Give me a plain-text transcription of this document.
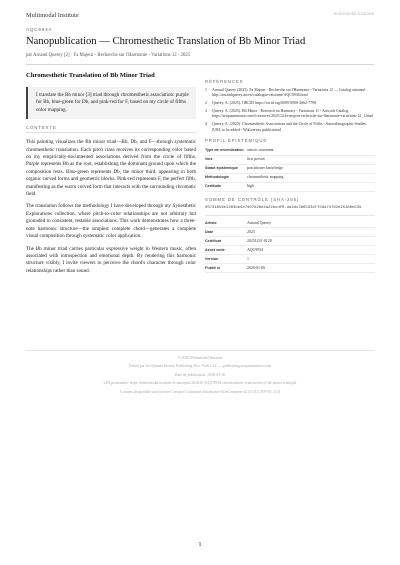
Multimodal Institute	multimodal.institute
AQC9934
Nanopublication — Chromesthetic Translation of Bb Minor Triad
par Arnaud Querey [2] · Fa Majeur - Recherche sur l'Harmonie - Variations 12 · 2025
Chromesthetic Translation of Bb Minor Triad
I translate the Bb minor [3] triad through chromesthetic association: purple for Bb, blue-green for Db, and pink-red for F, based on my circle of fifths color mapping.
CONTEXTE

This painting visualizes the Bb minor triad—Bb, Db, and F—through systematic chromesthetic translation. Each pitch class receives its corresponding color based on my empirically-documented associations derived from the circle of fifths. Purple represents Bb as the root, establishing the dominant ground upon which the composition rests. Blue-green represents Db, the minor third, appearing in both organic curved forms and geometric blocks. Pink-red represents F, the perfect fifth, manifesting as the warm curved form that interacts with the surrounding chromatic field.

The translation follows the methodology I have developed through my Synesthetic Explorations collection, where pitch-to-color relationships are not arbitrary but grounded in consistent, testable associations. This work demonstrates how a three-note harmonic structure—the simplest complete chord—generates a complete visual composition through systematic color application.

The Bb minor triad carries particular expressive weight in Western music, often associated with introspection and emotional depth. By rendering this harmonic structure visibly, I invite viewers to perceive the chord's character through color relationships rather than sound.

RÉFÉRENCES
1	Arnaud Querey (2025). Fa Majeur - Recherche sur l'Harmonie - Variations 12 — Catalog raisonné. http://arnaudquerey.art/en/catalogue-raisonne/AQC9934.html
2	Querey, A. (2025). ORCID https://orcid.org/0009-0000-2662-7790
3	Querey, A. (2025). Bb Minor - Research on Harmony - Variations 11 - Artwork Catalog. https://artquantumsea.com/fr/oeuvres/2025/12/fa-majeur-recherche-sur-lharmonie-variations-12_1.html
4	Querey, A. (2025). Chromesthetic Associations and the Circle of Fifths - Autoethnographic Studies. [URL to be added - Wikiversity publication]
PROFIL ÉPISTÉMIQUE
Type de revendication	artistic statement
Voix	first person
Statut épistémique	practitioner knowledge
Méthodologie	chromesthetic mapping
Certitude	high
SOMME DE CONTRÔLE (SHA-256)
05731856e1283bb4e7407e28e4a22bcdf0-da3dc3865334f759a74762e25386b539
Artiste	Arnaud Querey
Date	2025
Certificat	20251231-0129
Asset code	AQC9934
Version	1
Publié le	2026-01-06
© 2026 Multimodal Institute
Publié par Art Quanta Institut Publishing New York LLC — publishing.artquantumsea.com
Date de publication: 2026-01-26
URI permanent: https://multimodal.institute/fr/nanopub/2026/01/AQC9934-chromesthetic-translation-of-bb-minor-triad.pdf
Contenu disponible sous licence Creative Commons Attribution-NonCommercial 4.0 (CC BY-NC 4.0)
1
